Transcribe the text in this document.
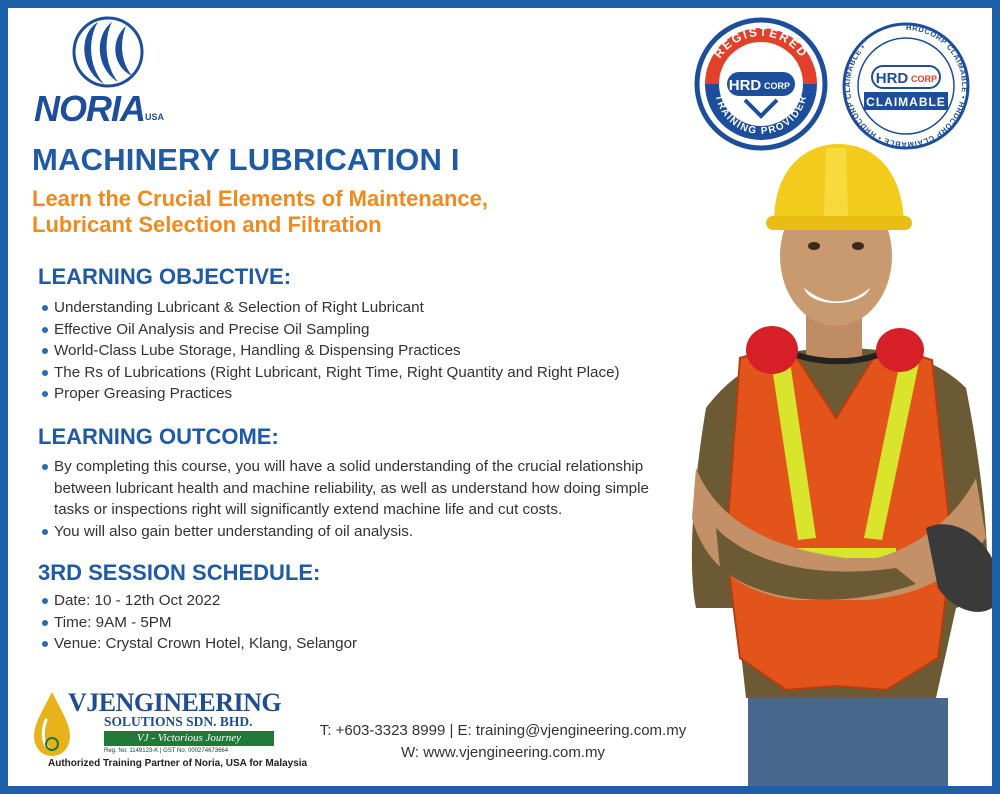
NORIA USA
REGISTERED
TRAINING PROVIDER
HRD CORP
HRDCORP CLAIMABLE • HRDCORP CLAIMABLE • HRDCORP CLAIMABLE •
HRD CORP
CLAIMABLE
MACHINERY LUBRICATION I
Learn the Crucial Elements of Maintenance,
Lubricant Selection and Filtration
LEARNING OBJECTIVE:
Understanding Lubricant & Selection of Right Lubricant
Effective Oil Analysis and Precise Oil Sampling
World-Class Lube Storage, Handling & Dispensing Practices
The Rs of Lubrications (Right Lubricant, Right Time, Right Quantity and Right Place)
Proper Greasing Practices
LEARNING OUTCOME:
By completing this course, you will have a solid understanding of the crucial relationship
between lubricant health and machine reliability, as well as understand how doing simple
tasks or inspections right will significantly extend machine life and cut costs.
You will also gain better understanding of oil analysis.
3RD SESSION SCHEDULE:
Date: 10 - 12th Oct 2022
Time: 9AM - 5PM
Venue: Crystal Crown Hotel, Klang, Selangor
VJENGINEERING
SOLUTIONS SDN. BHD.
VJ - Victorious Journey
Reg. No: 1149123-K | GST No: 000274673664
Authorized Training Partner of Noria, USA for Malaysia
T: +603-3323 8999 | E: training@vjengineering.com.my
W: www.vjengineering.com.my
